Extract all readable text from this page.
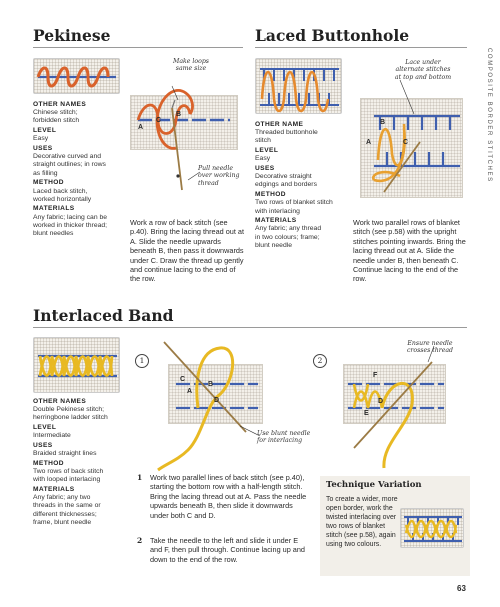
COMPOSITE BORDER STITCHES
Pekinese
OTHER NAMES
Chinese stitch;
forbidden stitch
LEVEL
Easy
USES
Decorative curved and
straight outlines; in rows
as filling
METHOD
Laced back stitch,
worked horizontally
MATERIALS
Any fabric; lacing can be
worked in thicker thread;
blunt needles
Make loops
same size
A
C
B
Pull needle
over working
thread
Work a row of back stitch (see p.40). Bring the lacing thread out at A. Slide the needle upwards beneath B, then pass it downwards under C. Draw the thread up gently and continue lacing to the end of the row.
Laced Buttonhole
OTHER NAME
Threaded buttonhole
stitch
LEVEL
Easy
USES
Decorative straight
edgings and borders
METHOD
Two rows of blanket stitch
with interlacing
MATERIALS
Any fabric; any thread
in two colours; frame;
blunt needle
Lace under
alternate stitches
at top and bottom
B
A	C
Work two parallel rows of blanket stitch (see p.58) with the upright stitches pointing inwards. Bring the lacing thread out at A. Slide the needle under B, then beneath C. Continue lacing to the end of the row.
Interlaced Band
OTHER NAMES
Double Pekinese stitch;
herringbone ladder stitch
LEVEL
Intermediate
USES
Braided straight lines
METHOD
Two rows of back stitch
with looped interlacing
MATERIALS
Any fabric; any two
threads in the same or
different thicknesses;
frame, blunt needle
1
C
B
A
D
Use blunt needle
for interlacing
2
F
D
E
Ensure needle
crosses thread
1 Work two parallel lines of back stitch (see p.40), starting the bottom row with a half-length stitch. Bring the lacing thread out at A. Pass the needle upwards beneath B, then slide it downwards under both C and D.
2 Take the needle to the left and slide it under E and F, then pull through. Continue lacing up and down to the end of the row.
Technique Variation
To create a wider, more open border, work the twisted interlacing over two rows of blanket stitch (see p.58), again using two colours.
63
